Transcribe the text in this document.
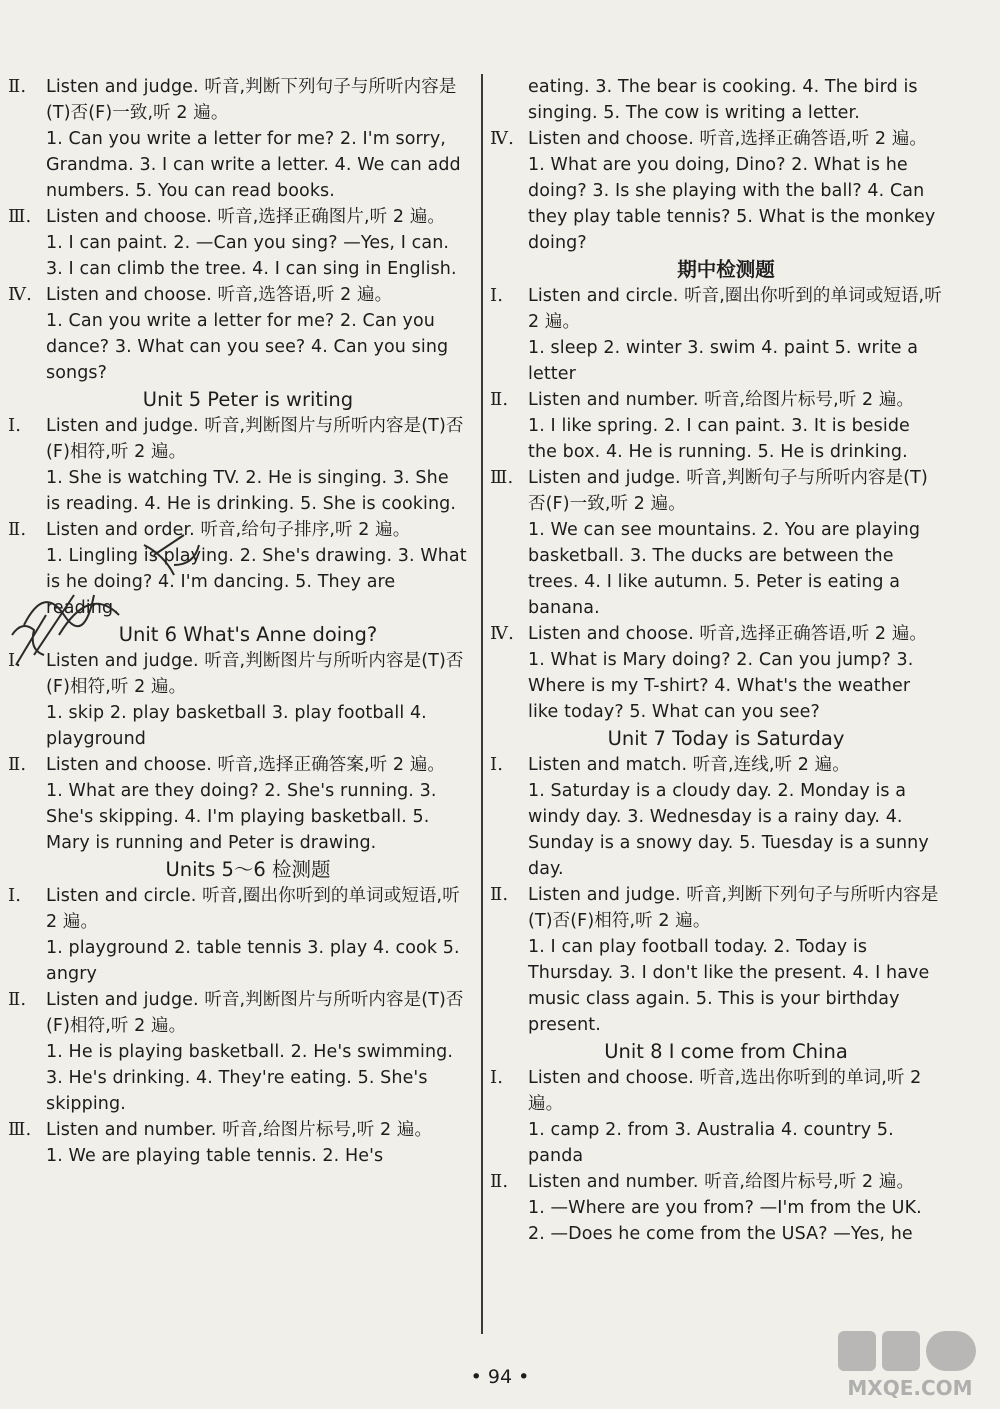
Ⅱ.	Listen and judge. 听音,判断下列句子与所听内容是(T)否(F)一致,听 2 遍。

1. Can you write a letter for me? 2. I'm sorry, Grandma. 3. I can write a letter. 4. We can add numbers. 5. You can read books.

Ⅲ. Listen and choose. 听音,选择正确图片,听 2 遍。

1. I can paint. 2. —Can you sing? —Yes, I can. 3. I can climb the tree. 4. I can sing in English.

Ⅳ. Listen and choose. 听音,选答语,听 2 遍。

1. Can you write a letter for me? 2. Can you dance? 3. What can you see? 4. Can you sing songs?

Unit 5 Peter is writing

Ⅰ.	Listen and judge. 听音,判断图片与所听内容是(T)否(F)相符,听 2 遍。

1. She is watching TV. 2. He is singing. 3. She is reading. 4. He is drinking. 5. She is cooking.

Ⅱ.	Listen and order. 听音,给句子排序,听 2 遍。

1. Lingling is playing. 2. She's drawing. 3. What is he doing? 4. I'm dancing. 5. They are reading.

Unit 6 What's Anne doing?

Ⅰ.	Listen and judge. 听音,判断图片与所听内容是(T)否(F)相符,听 2 遍。

1. skip 2. play basketball 3. play football 4. playground

Ⅱ.	Listen and choose. 听音,选择正确答案,听 2 遍。

1. What are they doing? 2. She's running. 3. She's skipping. 4. I'm playing basketball. 5. Mary is running and Peter is drawing.

Units 5～6 检测题

Ⅰ.	Listen and circle. 听音,圈出你听到的单词或短语,听 2 遍。

1. playground 2. table tennis 3. play 4. cook 5. angry

Ⅱ.	Listen and judge. 听音,判断图片与所听内容是(T)否(F)相符,听 2 遍。

1. He is playing basketball. 2. He's swimming. 3. He's drinking. 4. They're eating. 5. She's skipping.

Ⅲ. Listen and number. 听音,给图片标号,听 2 遍。

1. We are playing table tennis. 2. He's

eating. 3. The bear is cooking. 4. The bird is singing. 5. The cow is writing a letter.

Ⅳ. Listen and choose. 听音,选择正确答语,听 2 遍。

1. What are you doing, Dino? 2. What is he doing? 3. Is she playing with the ball? 4. Can they play table tennis? 5. What is the monkey doing?

期中检测题

Ⅰ.	Listen and circle. 听音,圈出你听到的单词或短语,听 2 遍。

1. sleep 2. winter 3. swim 4. paint 5. write a letter

Ⅱ.	Listen and number. 听音,给图片标号,听 2 遍。

1. I like spring. 2. I can paint. 3. It is beside the box. 4. He is running. 5. He is drinking.

Ⅲ. Listen and judge. 听音,判断句子与所听内容是(T)否(F)一致,听 2 遍。

1. We can see mountains. 2. You are playing basketball. 3. The ducks are between the trees. 4. I like autumn. 5. Peter is eating a banana.

Ⅳ. Listen and choose. 听音,选择正确答语,听 2 遍。

1. What is Mary doing? 2. Can you jump? 3. Where is my T-shirt? 4. What's the weather like today? 5. What can you see?

Unit 7 Today is Saturday

Ⅰ.	Listen and match. 听音,连线,听 2 遍。

1. Saturday is a cloudy day. 2. Monday is a windy day. 3. Wednesday is a rainy day. 4. Sunday is a snowy day. 5. Tuesday is a sunny day.

Ⅱ.	Listen and judge. 听音,判断下列句子与所听内容是(T)否(F)相符,听 2 遍。

1. I can play football today. 2. Today is Thursday. 3. I don't like the present. 4. I have music class again. 5. This is your birthday present.

Unit 8 I come from China

Ⅰ.	Listen and choose. 听音,选出你听到的单词,听 2 遍。

1. camp 2. from 3. Australia 4. country 5. panda

Ⅱ.	Listen and number. 听音,给图片标号,听 2 遍。

1. —Where are you from? —I'm from the UK. 2. —Does he come from the USA? —Yes, he

• 94 •	MXQE.COM
